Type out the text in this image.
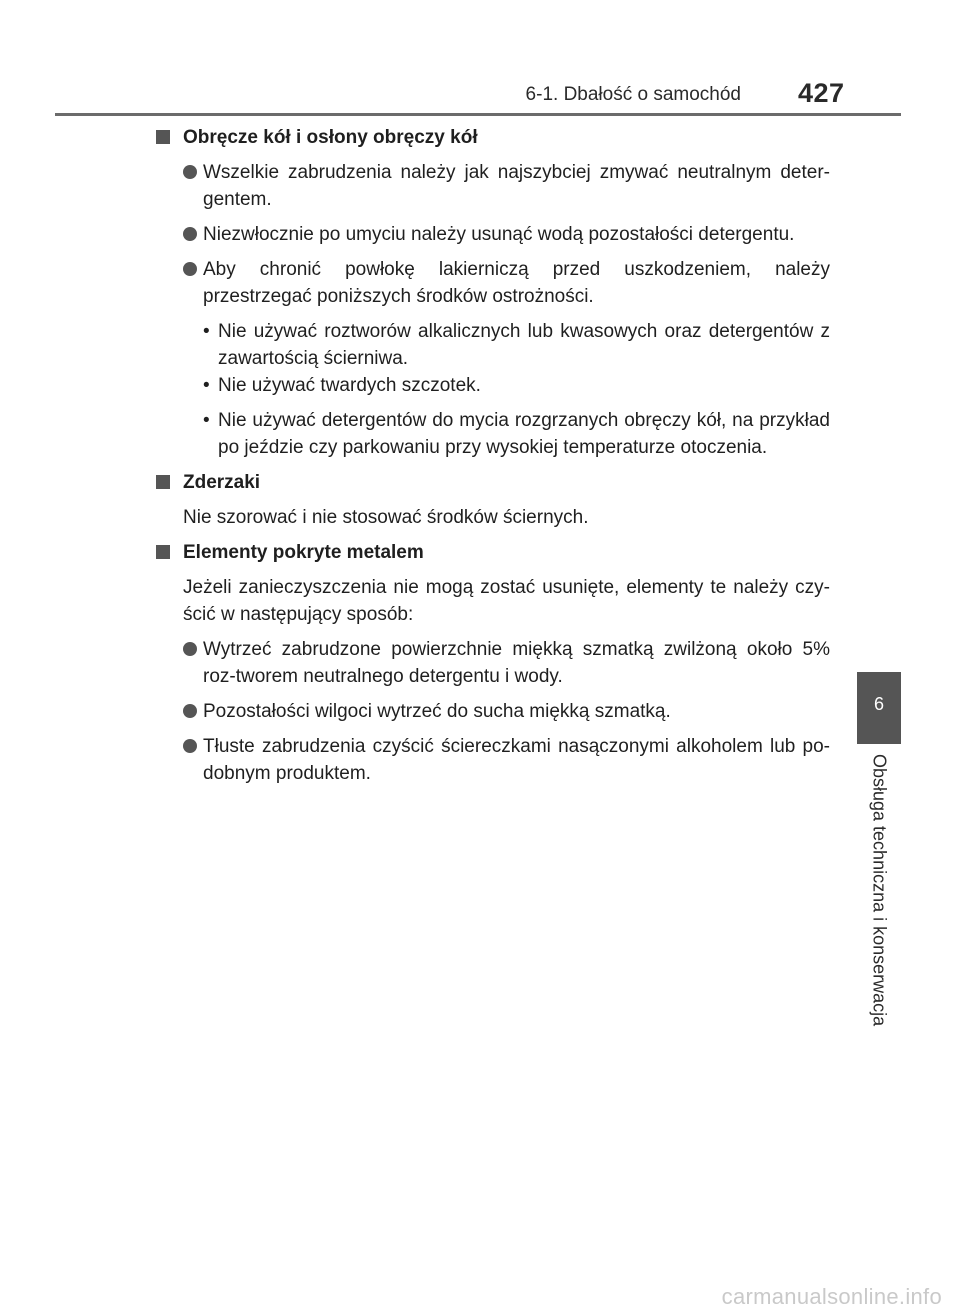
6-1. Dbałość o samochód 427
6
Obsługa techniczna i konserwacja
Obręcze kół i osłony obręczy kół
Wszelkie zabrudzenia należy jak najszybciej zmywać neutralnym deter-gentem.
Niezwłocznie po umyciu należy usunąć wodą pozostałości detergentu.
Aby chronić powłokę lakierniczą przed uszkodzeniem, należy przestrzegać poniższych środków ostrożności.
• Nie używać roztworów alkalicznych lub kwasowych oraz detergentów z zawartością ścierniwa.
• Nie używać twardych szczotek.
• Nie używać detergentów do mycia rozgrzanych obręczy kół, na przykład po jeździe czy parkowaniu przy wysokiej temperaturze otoczenia.
Zderzaki
Nie szorować i nie stosować środków ściernych.
Elementy pokryte metalem
Jeżeli zanieczyszczenia nie mogą zostać usunięte, elementy te należy czy-ścić w następujący sposób:
Wytrzeć zabrudzone powierzchnie miękką szmatką zwilżoną około 5% roz-tworem neutralnego detergentu i wody.
Pozostałości wilgoci wytrzeć do sucha miękką szmatką.
Tłuste zabrudzenia czyścić ściereczkami nasączonymi alkoholem lub po-dobnym produktem.
carmanualsonline.info
